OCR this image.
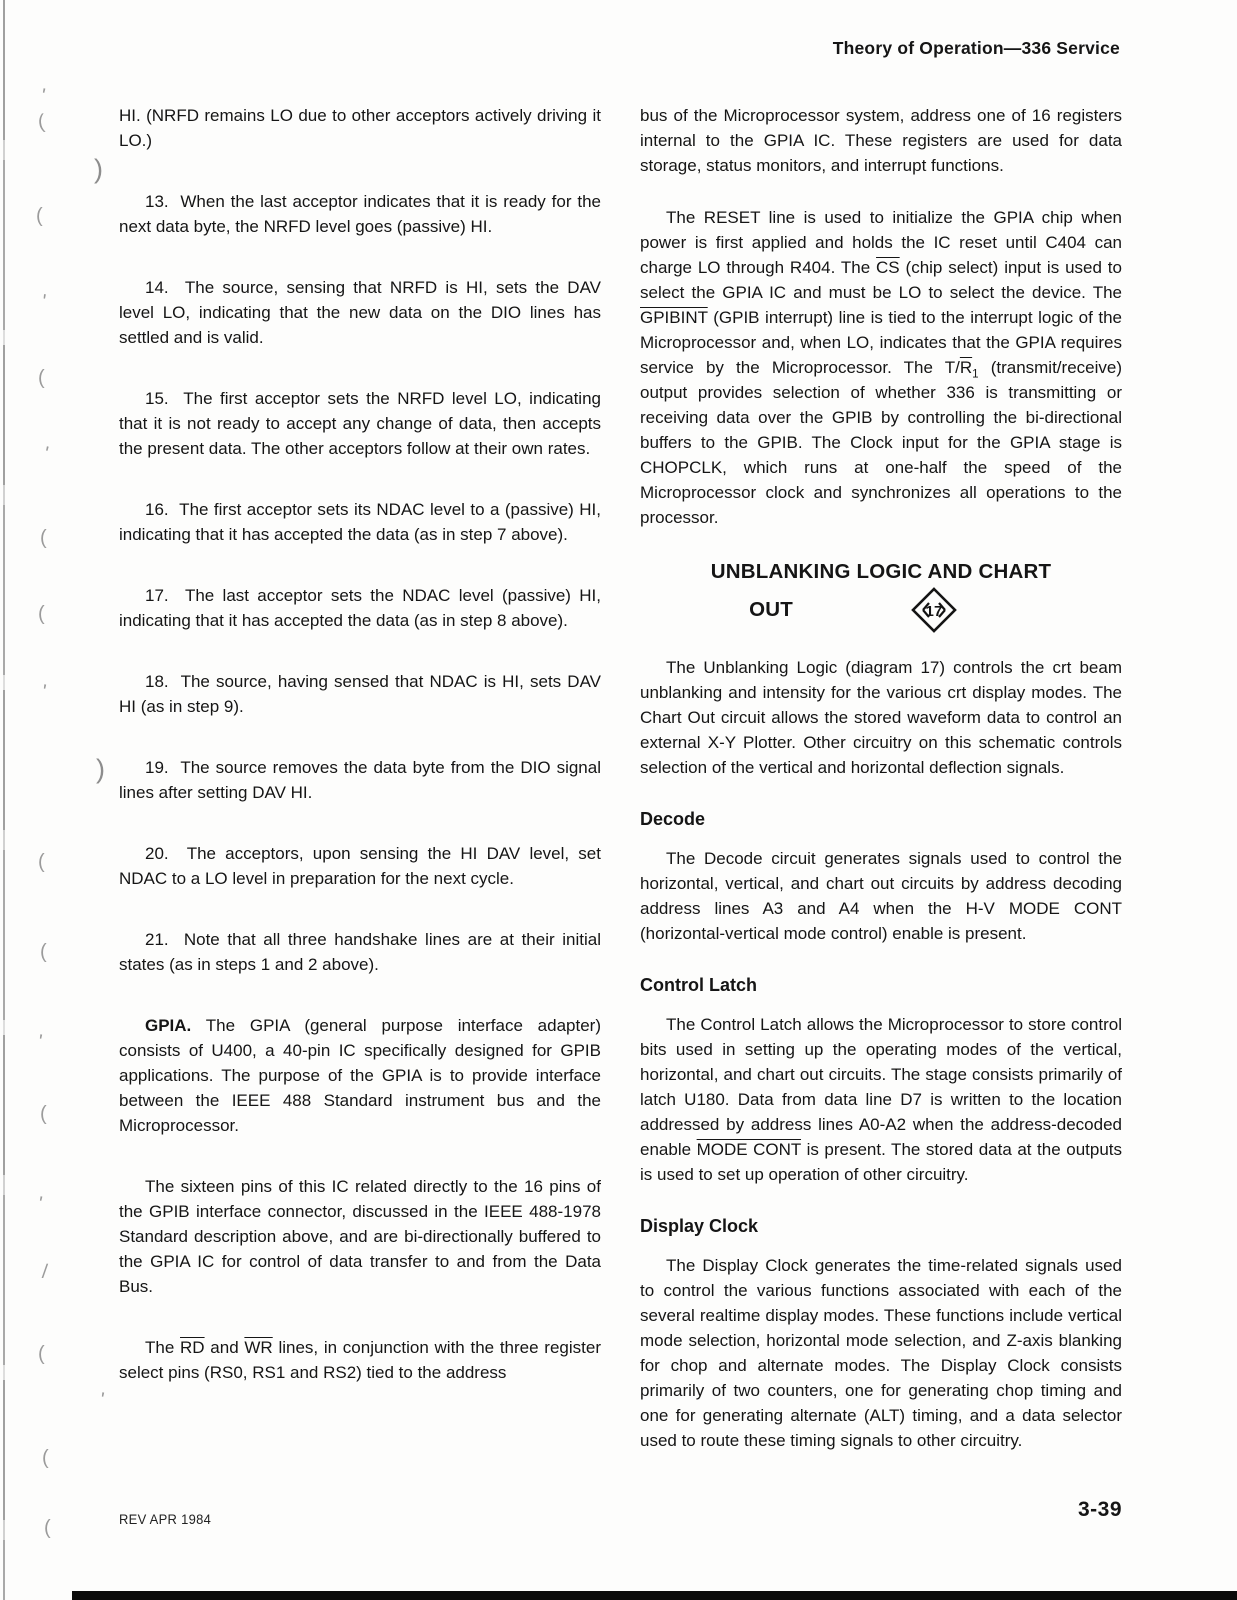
'
(
)
(
'
(
'
(
(
'
)
(
(
'
(
'
/
(
'
(
(
Theory of Operation—336 Service

HI. (NRFD remains LO due to other acceptors actively driving it LO.)

13.  When the last acceptor indicates that it is ready for the next data byte, the NRFD level goes (passive) HI.

14.  The source, sensing that NRFD is HI, sets the DAV level LO, indicating that the new data on the DIO lines has settled and is valid.

15.  The first acceptor sets the NRFD level LO, indicating that it is not ready to accept any change of data, then accepts the present data. The other acceptors follow at their own rates.

16.  The first acceptor sets its NDAC level to a (passive) HI, indicating that it has accepted the data (as in step 7 above).

17.  The last acceptor sets the NDAC level (passive) HI, indicating that it has accepted the data (as in step 8 above).

18.  The source, having sensed that NDAC is HI, sets DAV HI (as in step 9).

19.  The source removes the data byte from the DIO signal lines after setting DAV HI.

20.  The acceptors, upon sensing the HI DAV level, set NDAC to a LO level in preparation for the next cycle.

21.  Note that all three handshake lines are at their initial states (as in steps 1 and 2 above).

GPIA. The GPIA (general purpose interface adapter) consists of U400, a 40-pin IC specifically designed for GPIB applications. The purpose of the GPIA is to provide interface between the IEEE 488 Standard instrument bus and the Microprocessor.

The sixteen pins of this IC related directly to the 16 pins of the GPIB interface connector, discussed in the IEEE 488-1978 Standard description above, and are bi-directionally buffered to the GPIA IC for control of data transfer to and from the Data Bus.

The $\overline{RD}$ and $\overline{WR}$ lines, in conjunction with the three register select pins (RS0, RS1 and RS2) tied to the address

bus of the Microprocessor system, address one of 16 registers internal to the GPIA IC. These registers are used for data storage, status monitors, and interrupt functions.

The RESET line is used to initialize the GPIA chip when power is first applied and holds the IC reset until C404 can charge LO through R404. The $\overline{CS}$ (chip select) input is used to select the GPIA IC and must be LO to select the device. The GPIBINT (GPIB interrupt) line is tied to the interrupt logic of the Microprocessor and, when LO, indicates that the GPIA requires service by the Microprocessor. The $T/\overline{R}_1$ (transmit/receive) output provides selection of whether 336 is transmitting or receiving data over the GPIB by controlling the bi-directional buffers to the GPIB. The Clock input for the GPIA stage is CHOPCLK, which runs at one-half the speed of the Microprocessor clock and synchronizes all operations to the processor.

UNBLANKING LOGIC AND CHART
OUT	17

The Unblanking Logic (diagram 17) controls the crt beam unblanking and intensity for the various crt display modes. The Chart Out circuit allows the stored waveform data to control an external X-Y Plotter. Other circuitry on this schematic controls selection of the vertical and horizontal deflection signals.

Decode

The Decode circuit generates signals used to control the horizontal, vertical, and chart out circuits by address decoding address lines A3 and A4 when the H-V MODE CONT (horizontal-vertical mode control) enable is present.

Control Latch

The Control Latch allows the Microprocessor to store control bits used in setting up the operating modes of the vertical, horizontal, and chart out circuits. The stage consists primarily of latch U180. Data from data line D7 is written to the location addressed by address lines A0-A2 when the address-decoded enable MODE CONT is present. The stored data at the outputs is used to set up operation of other circuitry.

Display Clock

The Display Clock generates the time-related signals used to control the various functions associated with each of the several realtime display modes. These functions include vertical mode selection, horizontal mode selection, and Z-axis blanking for chop and alternate modes. The Display Clock consists primarily of two counters, one for generating chop timing and one for generating alternate (ALT) timing, and a data selector used to route these timing signals to other circuitry.

REV APR 1984	3-39
